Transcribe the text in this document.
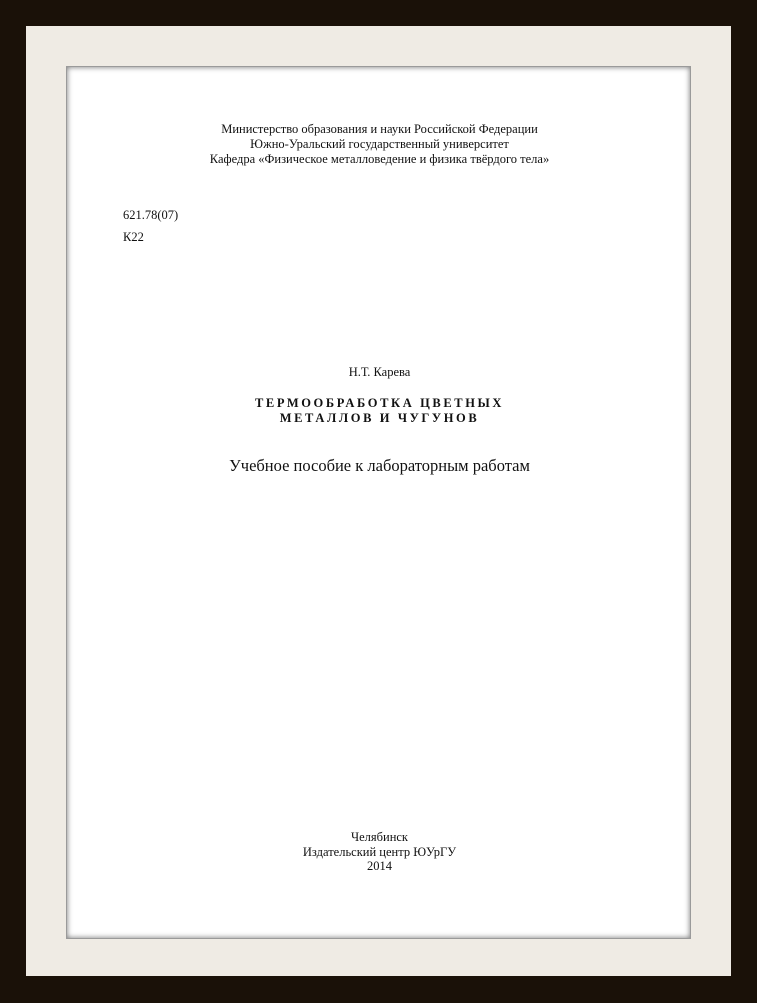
Министерство образования и науки Российской Федерации
Южно-Уральский государственный университет
Кафедра «Физическое металловедение и физика твёрдого тела»
621.78(07)
К22
Н.Т. Карева
ТЕРМООБРАБОТКА ЦВЕТНЫХ
МЕТАЛЛОВ И ЧУГУНОВ
Учебное пособие к лабораторным работам
Челябинск
Издательский центр ЮУрГУ
2014
